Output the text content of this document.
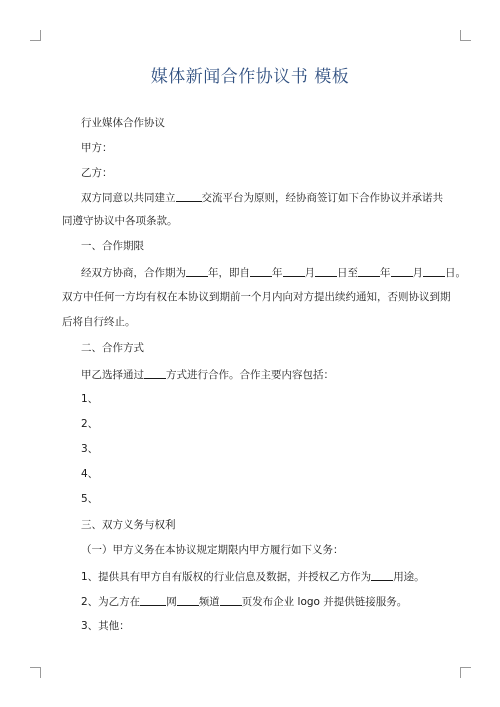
媒体新闻合作协议书 模板
行业媒体合作协议
甲方：
乙方：
双方同意以共同建立 交流平台为原则，经协商签订如下合作协议并承诺共
同遵守协议中各项条款。
一、合作期限
经双方协商，合作期为 年，即自 年 月 日至 年 月 日。
双方中任何一方均有权在本协议到期前一个月内向对方提出续约通知，否则协议到期
后将自行终止。
二、合作方式
甲乙选择通过 方式进行合作。合作主要内容包括：
1、
2、
3、
4、
5、
三、双方义务与权利
（一）甲方义务在本协议规定期限内甲方履行如下义务：
1、提供具有甲方自有版权的行业信息及数据，并授权乙方作为 用途。
2、为乙方在 网 频道 页发布企业 logo 并提供链接服务。
3、其他：
